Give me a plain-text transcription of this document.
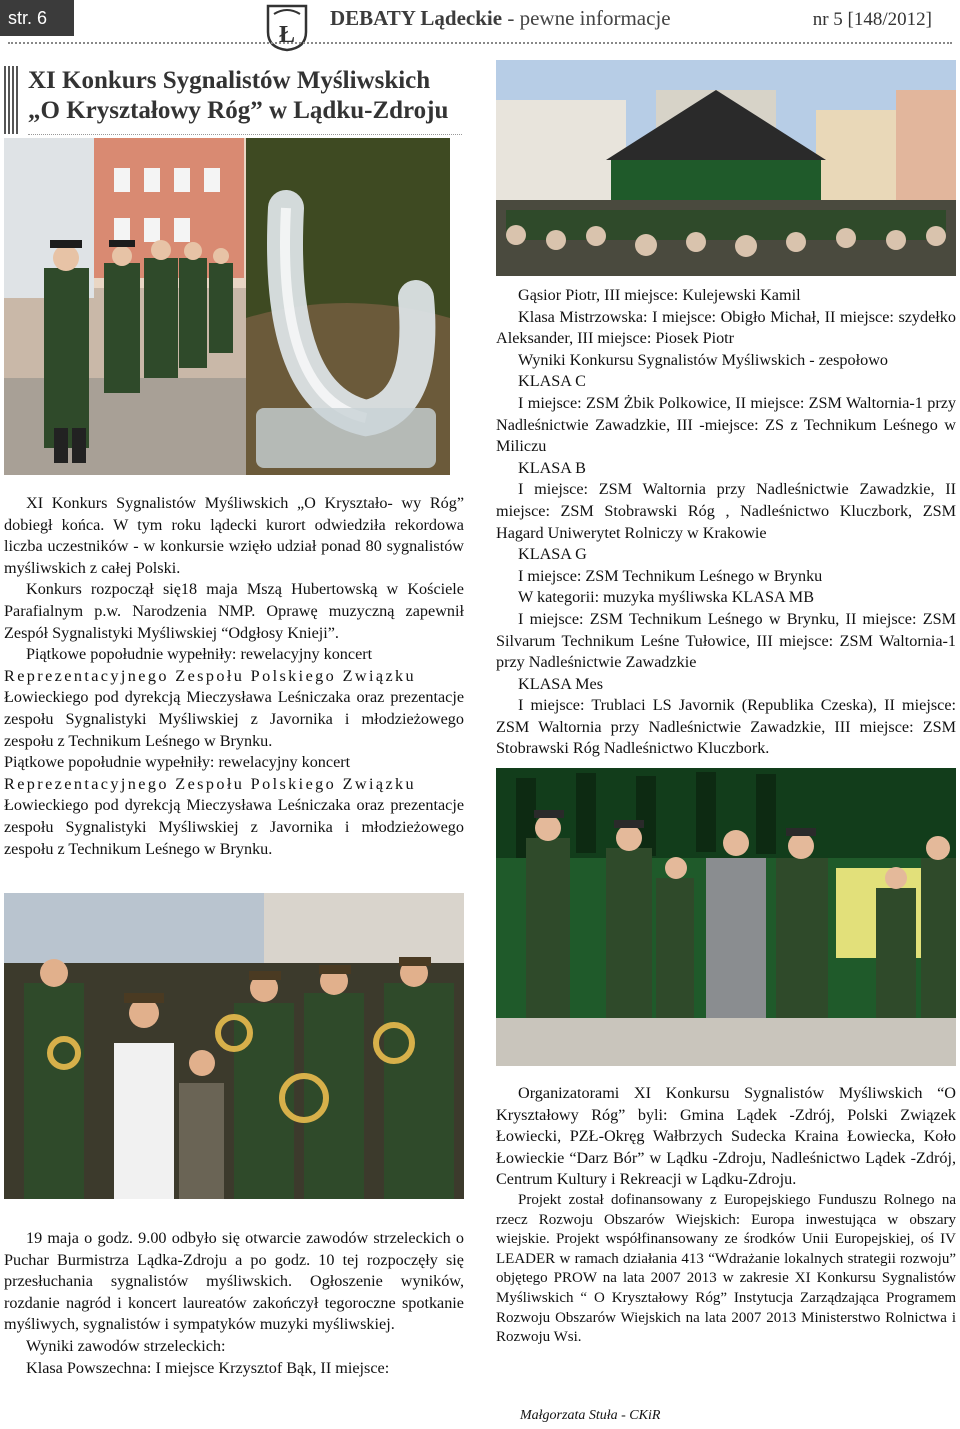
str. 6
Ł
DEBATY Lądeckie - pewne informacje	nr 5 [148/2012]
XI Konkurs Sygnalistów Myśliwskich
„O Kryształowy Róg” w Lądku-Zdroju

XI Konkurs Sygnalistów Myśliwskich „O Kryształo- wy Róg” dobiegł końca. W tym roku lądecki kurort odwiedziła rekordowa liczba uczestników - w konkursie wzięło udział ponad 80 sygnalistów myśliwskich z całej Polski.

Konkurs rozpoczął się18 maja Mszą Hubertowską w Kościele Parafialnym p.w. Narodzenia NMP. Oprawę muzyczną zapewnił Zespół Sygnalistyki Myśliwskiej “Odgłosy Knieji”.

Piątkowe popołudnie wypełniły: rewelacyjny koncert

Reprezentacyjnego Zespołu Polskiego Związku

Łowieckiego pod dyrekcją Mieczysława Leśniczaka oraz prezentacje zespołu Sygnalistyki Myśliwskiej z Javornika i młodzieżowego zespołu z Technikum Leśnego w Brynku.

Piątkowe popołudnie wypełniły: rewelacyjny koncert

Reprezentacyjnego Zespołu Polskiego Związku

Łowieckiego pod dyrekcją Mieczysława Leśniczaka oraz prezentacje zespołu Sygnalistyki Myśliwskiej z Javornika i młodzieżowego zespołu z Technikum Leśnego w Brynku.

19 maja o godz. 9.00 odbyło się otwarcie zawodów strzeleckich o Puchar Burmistrza Lądka-Zdroju a po godz. 10 tej rozpoczęły się przesłuchania sygnalistów myśliwskich. Ogłoszenie wyników, rozdanie nagród i koncert laureatów zakończył tegoroczne spotkanie myśliwych, sygnalistów i sympatyków muzyki myśliwskiej.

Wyniki zawodów strzeleckich:

Klasa Powszechna: I miejsce Krzysztof Bąk, II miejsce:

Gąsior Piotr, III miejsce: Kulejewski Kamil

Klasa Mistrzowska: I miejsce: Obigło Michał, II miejsce: szydełko Aleksander, III miejsce: Piosek Piotr

Wyniki Konkursu Sygnalistów Myśliwskich - zespołowo

KLASA C

I miejsce: ZSM Żbik Polkowice, II miejsce: ZSM Waltornia-1 przy Nadleśnictwie Zawadzkie, III -miejsce: ZS z Technikum Leśnego w Miliczu

KLASA B

I miejsce: ZSM Waltornia przy Nadleśnictwie Zawadzkie, II miejsce: ZSM Stobrawski Róg , Nadleśnictwo Kluczbork, ZSM Hagard Uniwerytet Rolniczy w Krakowie

KLASA G

I miejsce: ZSM Technikum Leśnego w Brynku

W kategorii: muzyka myśliwska KLASA MB

I miejsce: ZSM Technikum Leśnego w Brynku, II miejsce: ZSM Silvarum Technikum Leśne Tułowice, III miejsce: ZSM Waltornia-1 przy Nadleśnictwie Zawadzkie

KLASA Mes

I miejsce: Trublaci LS Javornik (Republika Czeska), II miejsce: ZSM Waltornia przy Nadleśnictwie Zawadzkie, III miejsce: ZSM Stobrawski Róg Nadleśnictwo Kluczbork.

Organizatorami XI Konkursu Sygnalistów Myśliwskich “O Kryształowy Róg” byli: Gmina Lądek -Zdrój, Polski Związek Łowiecki, PZŁ-Okręg Wałbrzych Sudecka Kraina Łowiecka, Koło Łowieckie “Darz Bór” w Lądku -Zdroju, Nadleśnictwo Lądek -Zdrój, Centrum Kultury i Rekreacji w Lądku-Zdroju.

Projekt został dofinansowany z Europejskiego Funduszu Rolnego na rzecz Rozwoju Obszarów Wiejskich: Europa inwestująca w obszary wiejskie. Projekt współfinansowany ze środków Unii Europejskiej, oś IV LEADER w ramach działania 413 “Wdrażanie lokalnych strategii rozwoju” objętego PROW na lata 2007 2013 w zakresie XI Konkursu Sygnalistów Myśliwskich “ O Kryształowy Róg” Instytucja Zarządzająca Programem Rozwoju Obszarów Wiejskich na lata 2007 2013 Ministerstwo Rolnictwa i Rozwoju Wsi.

Małgorzata Stuła - CKiR
